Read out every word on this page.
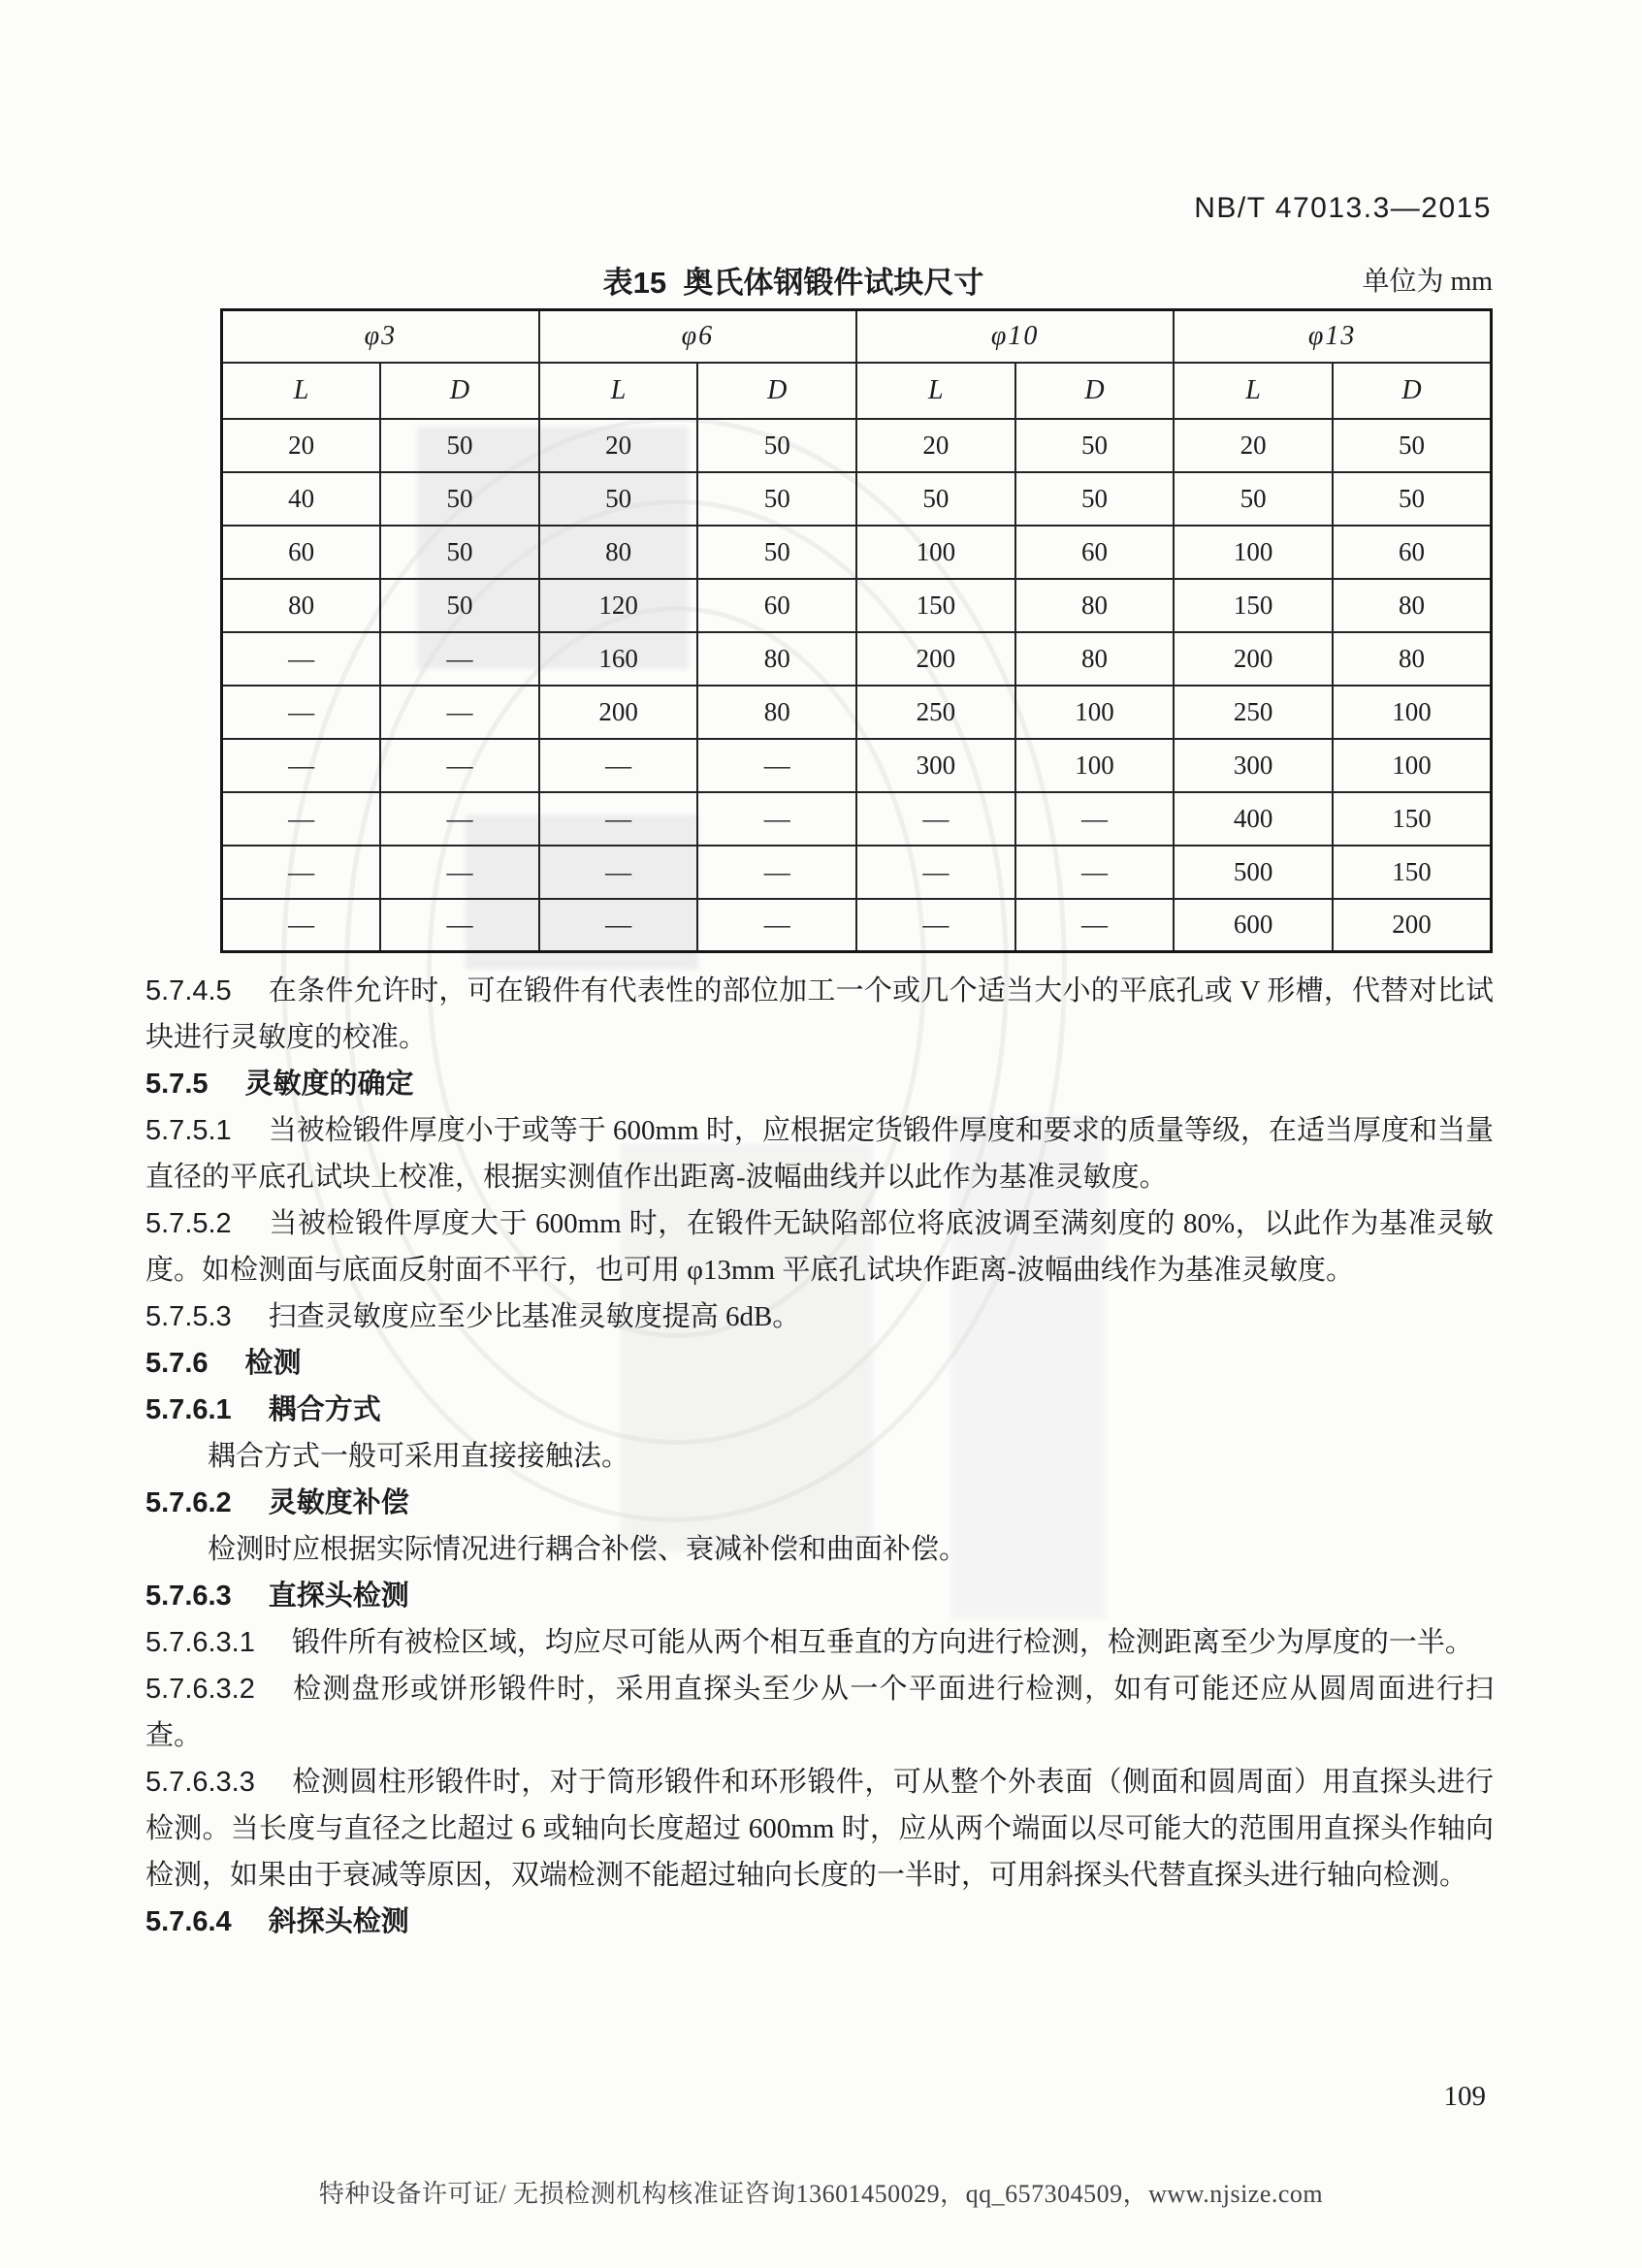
NB/T 47013.3—2015
表15  奥氏体钢锻件试块尺寸	单位为 mm
φ3		φ6		φ10		φ13	
L	D	L	D	L	D	L	D
20	50	20	50	20	50	20	50
40	50	50	50	50	50	50	50
60	50	80	50	100	60	100	60
80	50	120	60	150	80	150	80
—	—	160	80	200	80	200	80
—	—	200	80	250	100	250	100
—	—	—	—	300	100	300	100
—	—	—	—	—	—	400	150
—	—	—	—	—	—	500	150
—	—	—	—	—	—	600	200

5.7.4.5 在条件允许时，可在锻件有代表性的部位加工一个或几个适当大小的平底孔或 V 形槽，代替对比试块进行灵敏度的校准。

5.7.5 灵敏度的确定

5.7.5.1 当被检锻件厚度小于或等于 600mm 时，应根据定货锻件厚度和要求的质量等级，在适当厚度和当量直径的平底孔试块上校准，根据实测值作出距离-波幅曲线并以此作为基准灵敏度。

5.7.5.2 当被检锻件厚度大于 600mm 时，在锻件无缺陷部位将底波调至满刻度的 80%，以此作为基准灵敏度。如检测面与底面反射面不平行，也可用 φ13mm 平底孔试块作距离-波幅曲线作为基准灵敏度。

5.7.5.3 扫查灵敏度应至少比基准灵敏度提高 6dB。

5.7.6 检测

5.7.6.1 耦合方式

耦合方式一般可采用直接接触法。

5.7.6.2 灵敏度补偿

检测时应根据实际情况进行耦合补偿、衰减补偿和曲面补偿。

5.7.6.3 直探头检测

5.7.6.3.1 锻件所有被检区域，均应尽可能从两个相互垂直的方向进行检测，检测距离至少为厚度的一半。

5.7.6.3.2 检测盘形或饼形锻件时，采用直探头至少从一个平面进行检测，如有可能还应从圆周面进行扫查。

5.7.6.3.3 检测圆柱形锻件时，对于筒形锻件和环形锻件，可从整个外表面（侧面和圆周面）用直探头进行检测。当长度与直径之比超过 6 或轴向长度超过 600mm 时，应从两个端面以尽可能大的范围用直探头作轴向检测，如果由于衰减等原因，双端检测不能超过轴向长度的一半时，可用斜探头代替直探头进行轴向检测。

5.7.6.4 斜探头检测

109
特种设备许可证/ 无损检测机构核准证咨询13601450029，qq_657304509，www.njsize.com
